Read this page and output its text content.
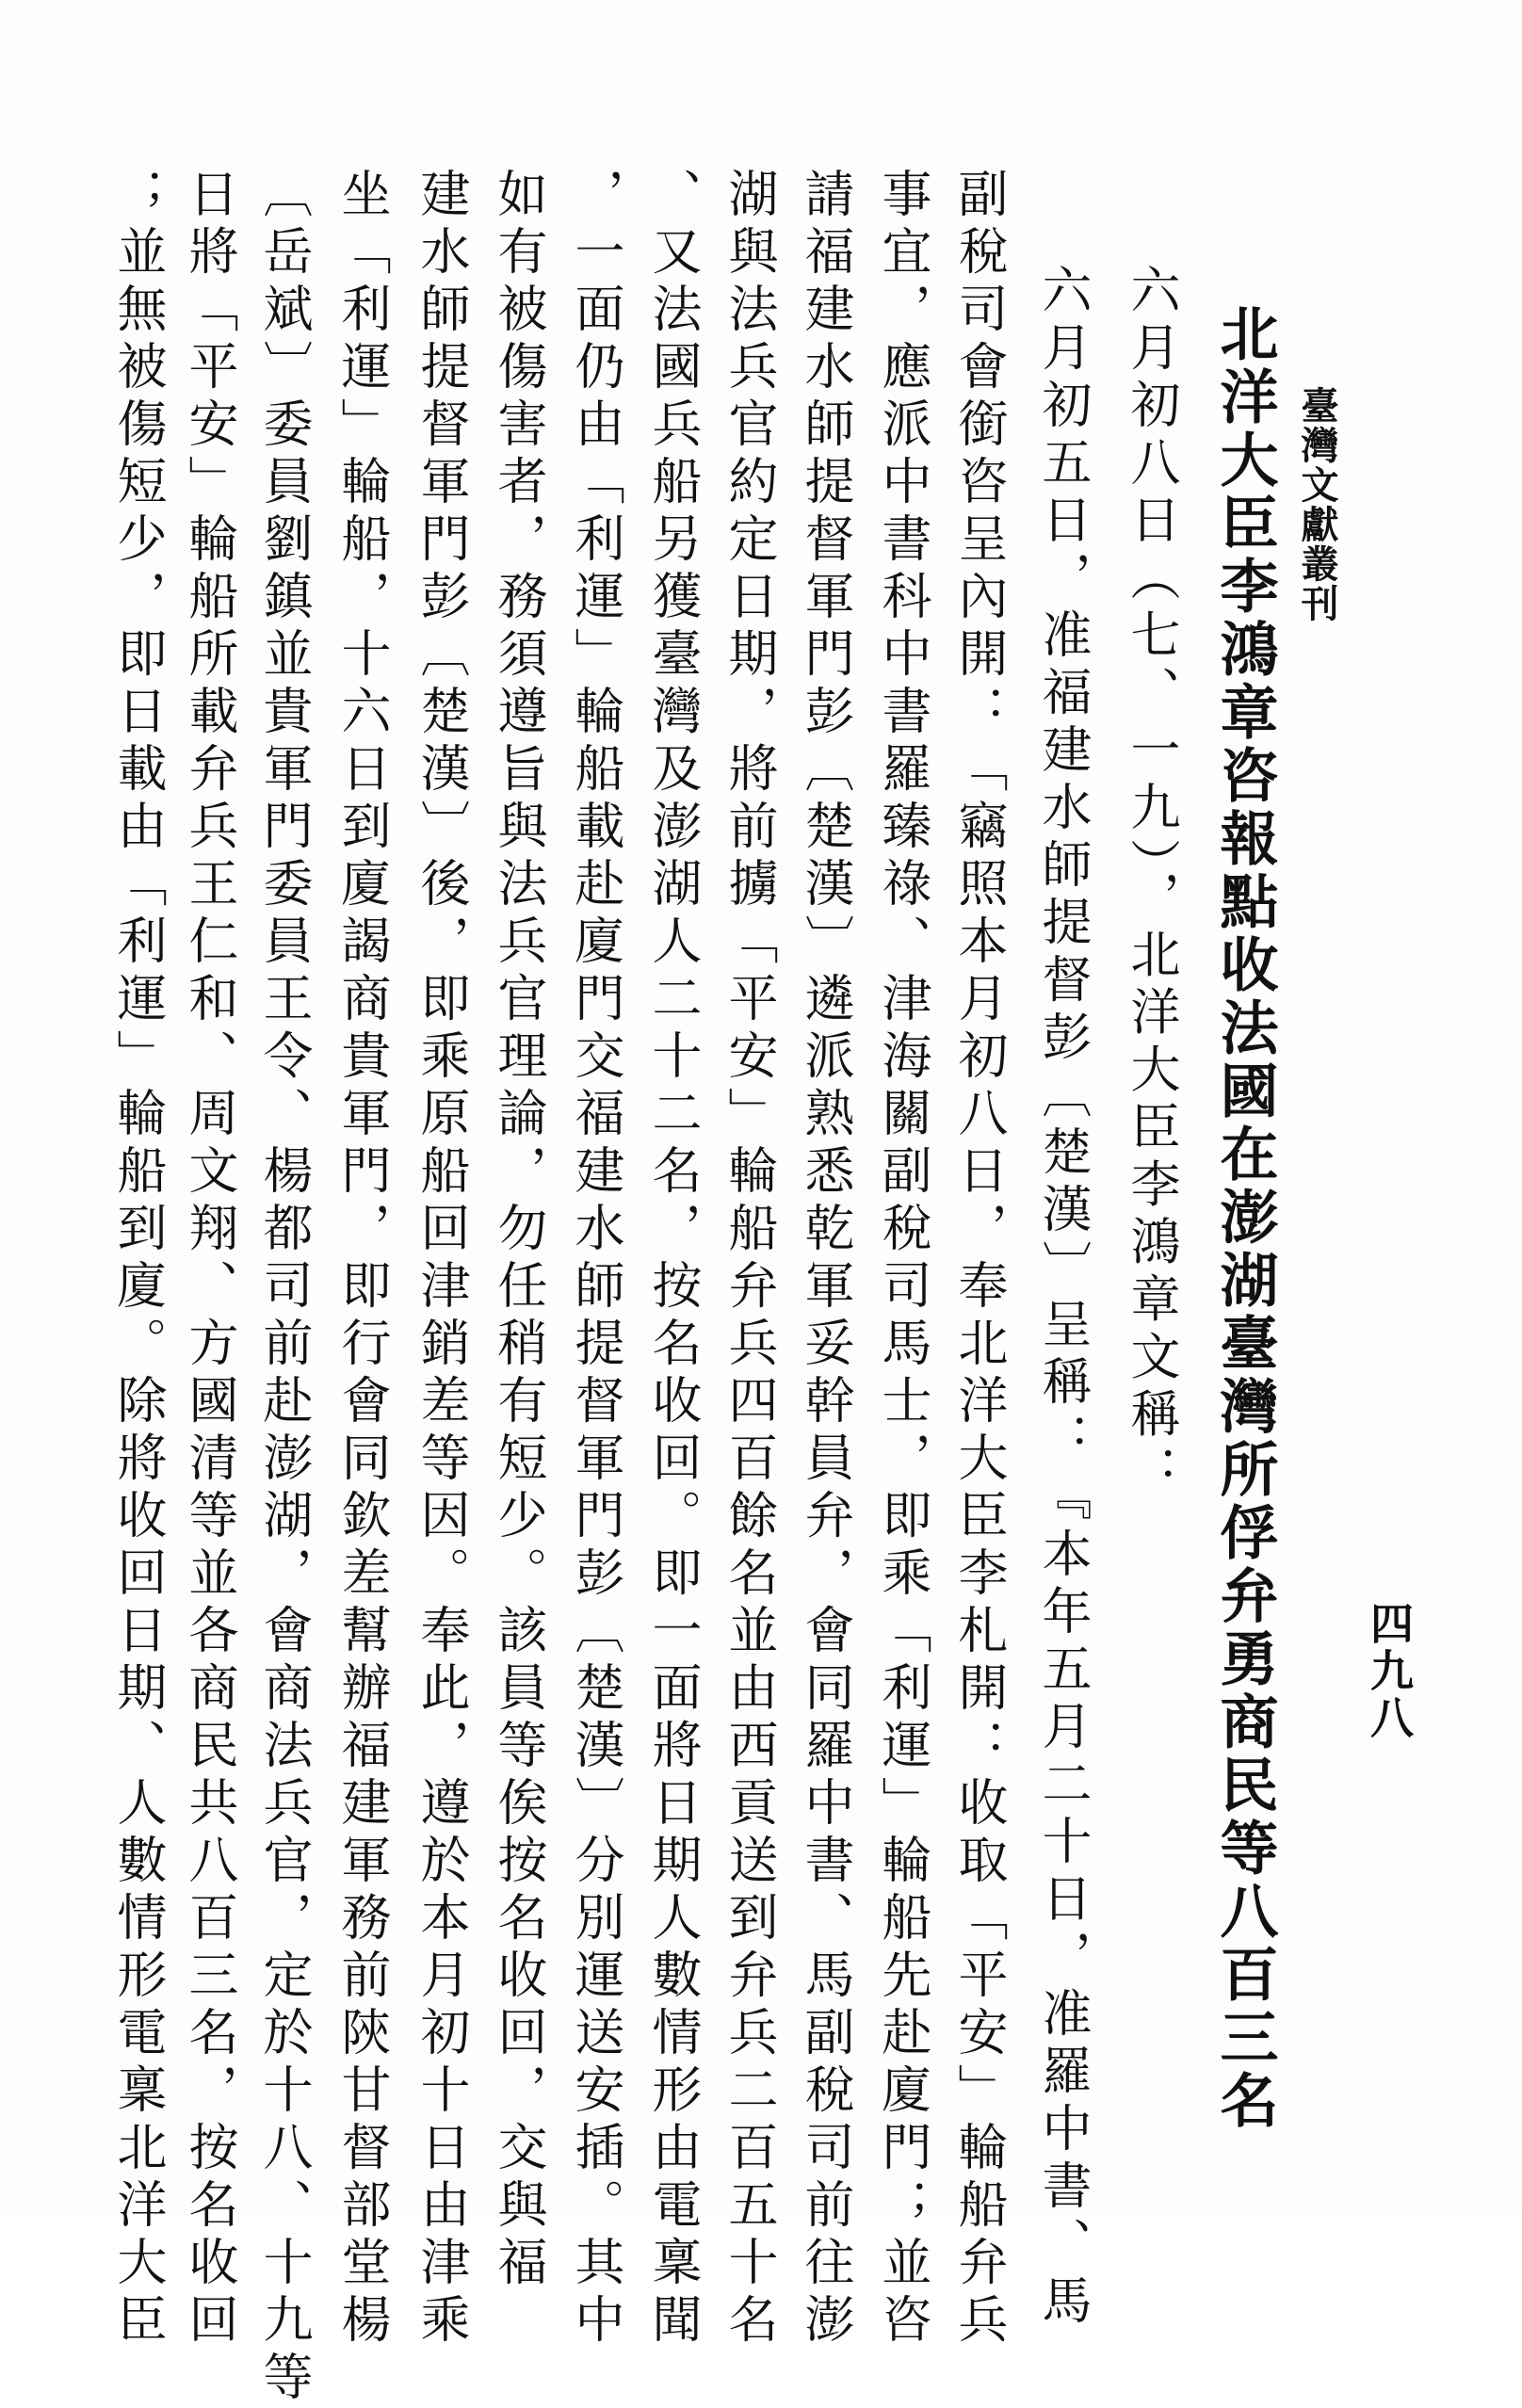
臺灣文獻叢刊
四九八
北洋大臣李鴻章咨報點收法國在澎湖臺灣所俘弁勇商民等八百三名
六月初八日（七、一九），北洋大臣李鴻章文稱：
六月初五日，准福建水師提督彭〔楚漢〕呈稱：『本年五月二十日，准羅中書、馬
副稅司會銜咨呈內開：「竊照本月初八日，奉北洋大臣李札開：收取「平安」輪船弁兵
事宜，應派中書科中書羅臻祿、津海關副稅司馬士，即乘「利運」輪船先赴廈門；並咨
請福建水師提督軍門彭〔楚漢〕遴派熟悉乾軍妥幹員弁，會同羅中書、馬副稅司前往澎
湖與法兵官約定日期，將前擄「平安」輪船弁兵四百餘名並由西貢送到弁兵二百五十名
、又法國兵船另獲臺灣及澎湖人二十二名，按名收回。即一面將日期人數情形由電稟聞
，一面仍由「利運」輪船載赴廈門交福建水師提督軍門彭〔楚漢〕分別運送安插。其中
如有被傷害者，務須遵旨與法兵官理論，勿任稍有短少。該員等俟按名收回，交與福
建水師提督軍門彭〔楚漢〕後，即乘原船回津銷差等因。奉此，遵於本月初十日由津乘
坐「利運」輪船，十六日到廈謁商貴軍門，即行會同欽差幫辦福建軍務前陝甘督部堂楊
〔岳斌〕委員劉鎮並貴軍門委員王令、楊都司前赴澎湖，會商法兵官，定於十八、十九等
日將「平安」輪船所載弁兵王仁和、周文翔、方國清等並各商民共八百三名，按名收回
；並無被傷短少，即日載由「利運」輪船到廈。除將收回日期、人數情形電稟北洋大臣
